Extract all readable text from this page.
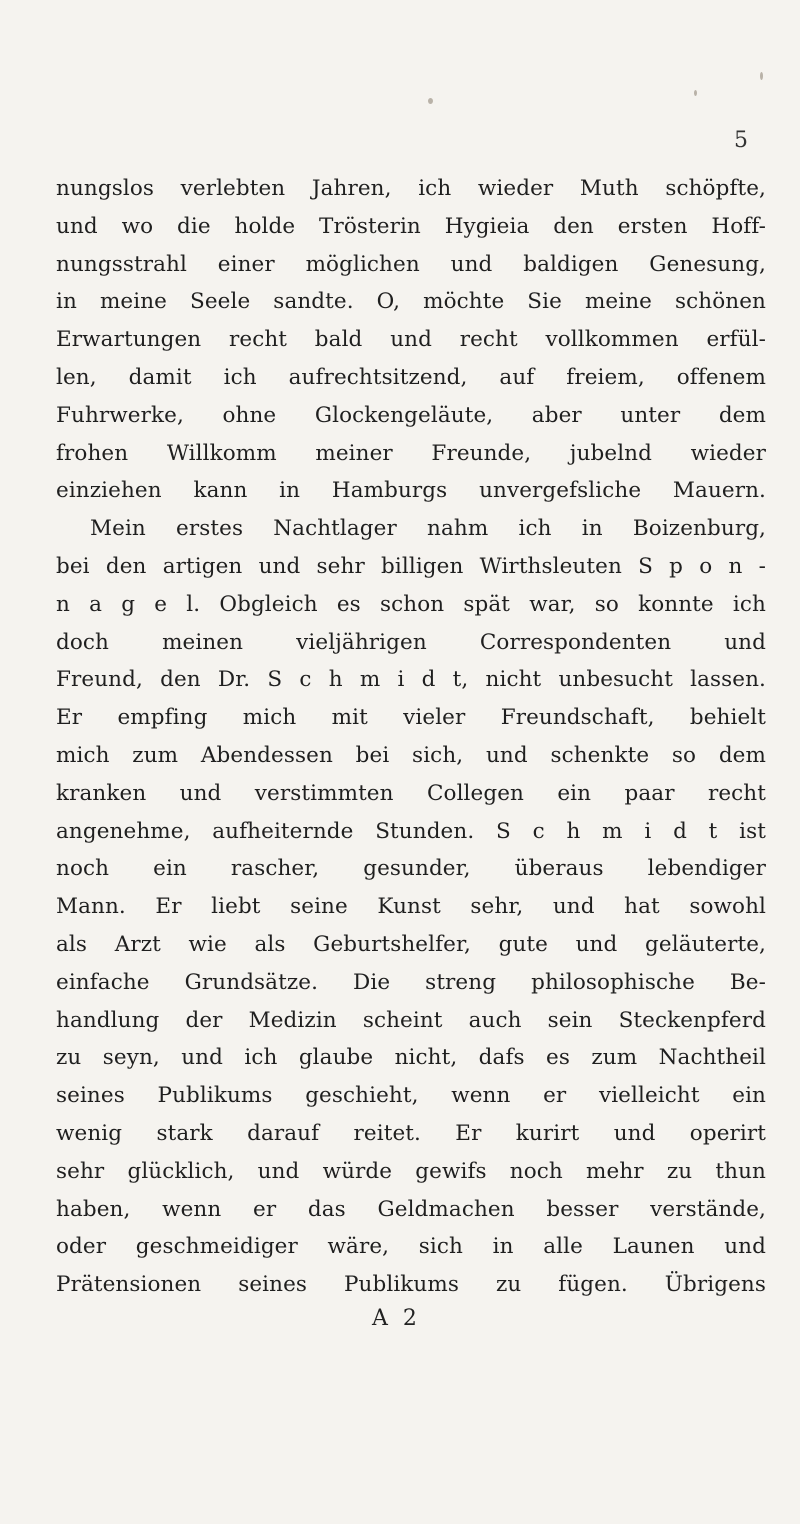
5
nungslos verlebten Jahren, ich wieder Muth schöpfte,
und wo die holde Trösterin Hygieia den ersten Hoff-
nungsstrahl einer möglichen und baldigen Genesung,
in meine Seele sandte. O, möchte Sie meine schönen
Erwartungen recht bald und recht vollkommen erfül-
len, damit ich aufrechtsitzend, auf freiem, offenem
Fuhrwerke, ohne Glockengeläute, aber unter dem
frohen Willkomm meiner Freunde, jubelnd wieder
einziehen kann in Hamburgs unvergefsliche Mauern.
Mein erstes Nachtlager nahm ich in Boizenburg,
bei den artigen und sehr billigen Wirthsleuten S p o n -
n a g e l. Obgleich es schon spät war, so konnte ich
doch meinen vieljährigen Correspondenten und
Freund, den Dr. S c h m i d t, nicht unbesucht lassen.
Er empfing mich mit vieler Freundschaft, behielt
mich zum Abendessen bei sich, und schenkte so dem
kranken und verstimmten Collegen ein paar recht
angenehme, aufheiternde Stunden. S c h m i d t ist
noch ein rascher, gesunder, überaus lebendiger
Mann. Er liebt seine Kunst sehr, und hat sowohl
als Arzt wie als Geburtshelfer, gute und geläuterte,
einfache Grundsätze. Die streng philosophische Be-
handlung der Medizin scheint auch sein Steckenpferd
zu seyn, und ich glaube nicht, dafs es zum Nachtheil
seines Publikums geschieht, wenn er vielleicht ein
wenig stark darauf reitet. Er kurirt und operirt
sehr glücklich, und würde gewifs noch mehr zu thun
haben, wenn er das Geldmachen besser verstände,
oder geschmeidiger wäre, sich in alle Launen und
Prätensionen seines Publikums zu fügen. Übrigens
A 2
